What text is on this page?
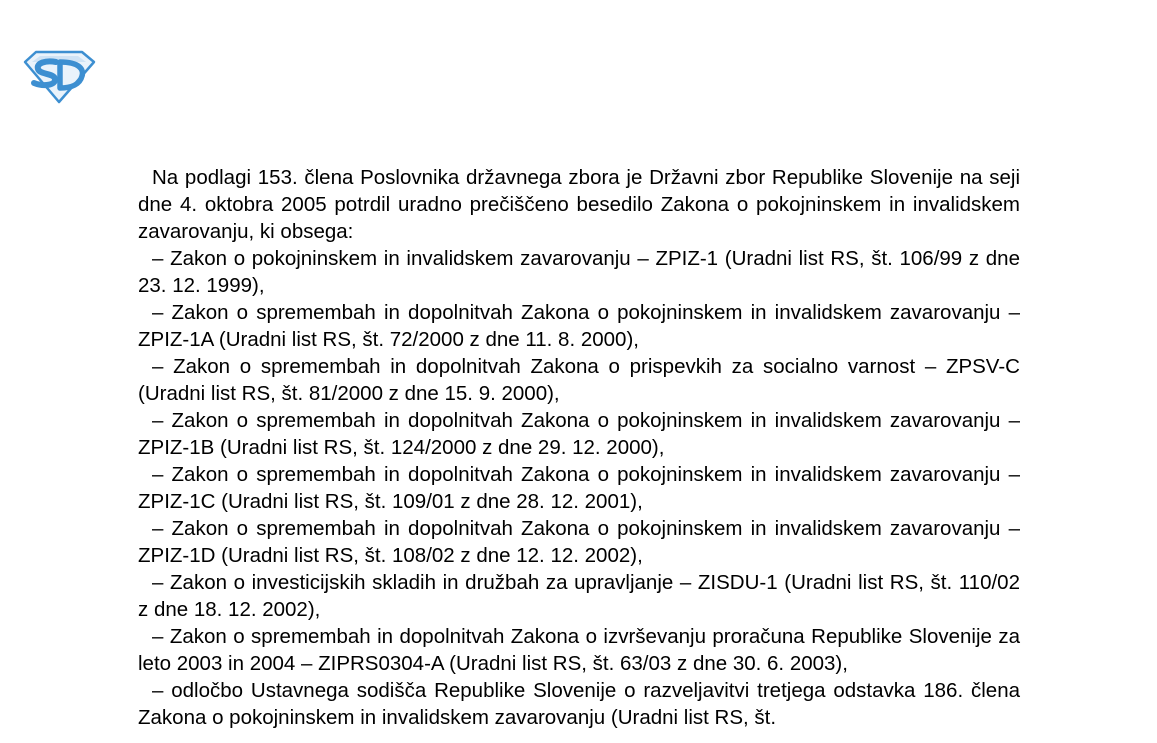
Na podlagi 153. člena Poslovnika državnega zbora je Državni zbor Republike Slovenije na seji dne 4. oktobra 2005 potrdil uradno prečiščeno besedilo Zakona o pokojninskem in invalidskem zavarovanju, ki obsega:

– Zakon o pokojninskem in invalidskem zavarovanju – ZPIZ-1 (Uradni list RS, št. 106/99 z dne 23. 12. 1999),

– Zakon o spremembah in dopolnitvah Zakona o pokojninskem in invalidskem zavarovanju – ZPIZ-1A (Uradni list RS, št. 72/2000 z dne 11. 8. 2000),

– Zakon o spremembah in dopolnitvah Zakona o prispevkih za socialno varnost – ZPSV-C (Uradni list RS, št. 81/2000 z dne 15. 9. 2000),

– Zakon o spremembah in dopolnitvah Zakona o pokojninskem in invalidskem zavarovanju – ZPIZ-1B (Uradni list RS, št. 124/2000 z dne 29. 12. 2000),

– Zakon o spremembah in dopolnitvah Zakona o pokojninskem in invalidskem zavarovanju – ZPIZ-1C (Uradni list RS, št. 109/01 z dne 28. 12. 2001),

– Zakon o spremembah in dopolnitvah Zakona o pokojninskem in invalidskem zavarovanju – ZPIZ-1D (Uradni list RS, št. 108/02 z dne 12. 12. 2002),

– Zakon o investicijskih skladih in družbah za upravljanje – ZISDU-1 (Uradni list RS, št. 110/02 z dne 18. 12. 2002),

– Zakon o spremembah in dopolnitvah Zakona o izvrševanju proračuna Republike Slovenije za leto 2003 in 2004 – ZIPRS0304-A (Uradni list RS, št. 63/03 z dne 30. 6. 2003),

– odločbo Ustavnega sodišča Republike Slovenije o razveljavitvi tretjega odstavka 186. člena Zakona o pokojninskem in invalidskem zavarovanju (Uradni list RS, št.
